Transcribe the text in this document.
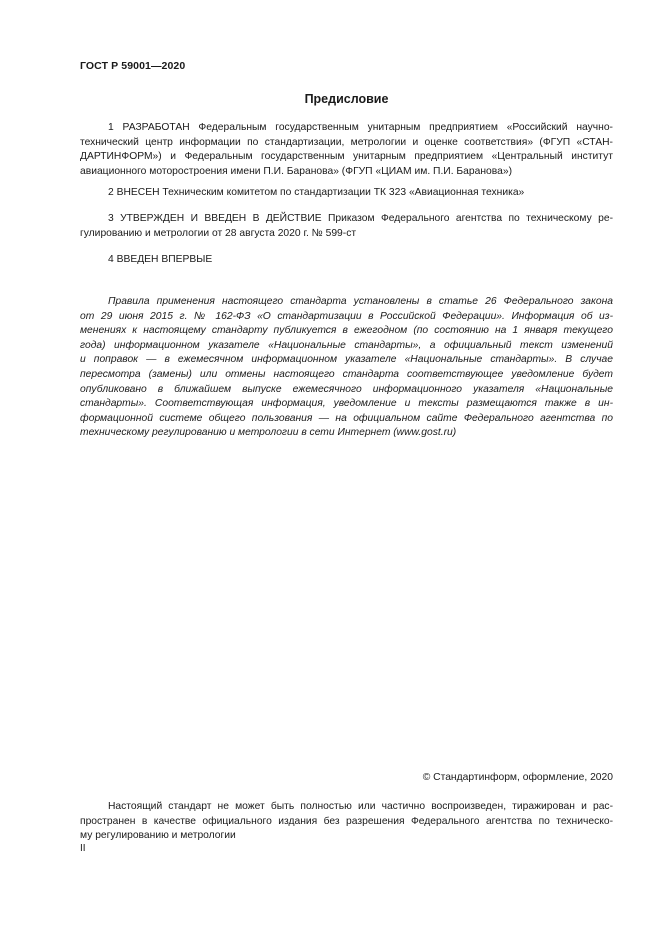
ГОСТ Р 59001—2020
Предисловие
1 РАЗРАБОТАН Федеральным государственным унитарным предприятием «Российский научно-
технический центр информации по стандартизации, метрологии и оценке соответствия» (ФГУП «СТАН-
ДАРТИНФОРМ») и Федеральным государственным унитарным предприятием «Центральный институт
авиационного моторостроения имени П.И. Баранова» (ФГУП «ЦИАМ им. П.И. Баранова»)
2 ВНЕСЕН Техническим комитетом по стандартизации ТК 323 «Авиационная техника»
3 УТВЕРЖДЕН И ВВЕДЕН В ДЕЙСТВИЕ Приказом Федерального агентства по техническому ре-
гулированию и метрологии от 28 августа 2020 г. № 599-ст
4 ВВЕДЕН ВПЕРВЫЕ
Правила применения настоящего стандарта установлены в статье 26 Федерального закона
от 29 июня 2015 г. № 162-ФЗ «О стандартизации в Российской Федерации». Информация об из-
менениях к настоящему стандарту публикуется в ежегодном (по состоянию на 1 января текущего
года) информационном указателе «Национальные стандарты», а официальный текст изменений
и поправок — в ежемесячном информационном указателе «Национальные стандарты». В случае
пересмотра (замены) или отмены настоящего стандарта соответствующее уведомление будет
опубликовано в ближайшем выпуске ежемесячного информационного указателя «Национальные
стандарты». Соответствующая информация, уведомление и тексты размещаются также в ин-
формационной системе общего пользования — на официальном сайте Федерального агентства по
техническому регулированию и метрологии в сети Интернет (www.gost.ru)
© Стандартинформ, оформление, 2020
Настоящий стандарт не может быть полностью или частично воспроизведен, тиражирован и рас-
пространен в качестве официального издания без разрешения Федерального агентства по техническо-
му регулированию и метрологии
II
